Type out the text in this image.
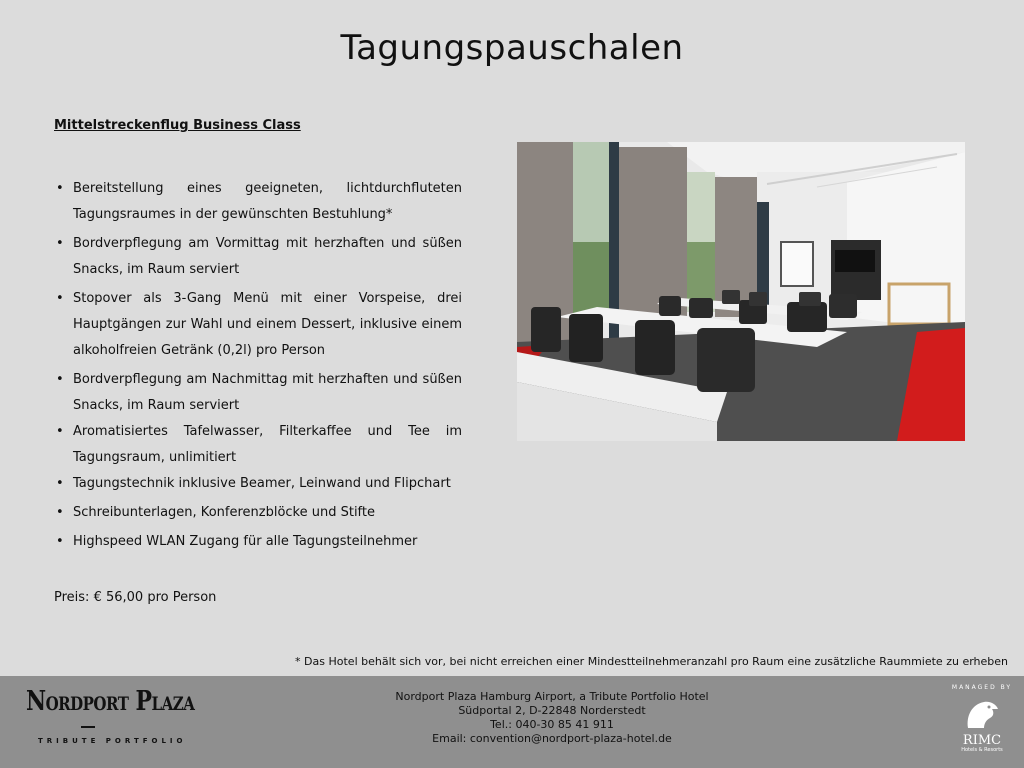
Tagungspauschalen
Mittelstreckenflug Business Class
• Bereitstellung eines geeigneten, lichtdurchfluteten Tagungsraumes in der gewünschten Bestuhlung*
• Bordverpflegung am Vormittag mit herzhaften und süßen Snacks, im Raum serviert
• Stopover als 3-Gang Menü mit einer Vorspeise, drei Hauptgängen zur Wahl und einem Dessert, inklusive einem alkoholfreien Getränk (0,2l) pro Person
• Bordverpflegung am Nachmittag mit herzhaften und süßen Snacks, im Raum serviert
• Aromatisiertes Tafelwasser, Filterkaffee und Tee im Tagungsraum, unlimitiert
• Tagungstechnik inklusive Beamer, Leinwand und Flipchart
• Schreibunterlagen, Konferenzblöcke und Stifte
• Highspeed WLAN Zugang für alle Tagungsteilnehmer
Preis: € 56,00 pro Person
* Das Hotel behält sich vor, bei nicht erreichen einer Mindestteilnehmeranzahl pro Raum eine zusätzliche Raummiete zu erheben
Nordport Plaza
TRIBUTE PORTFOLIO
Nordport Plaza Hamburg Airport, a Tribute Portfolio Hotel
Südportal 2, D-22848 Norderstedt
Tel.: 040-30 85 41 911
Email: convention@nordport-plaza-hotel.de
MANAGED BY
RIMC
Hotels & Resorts
